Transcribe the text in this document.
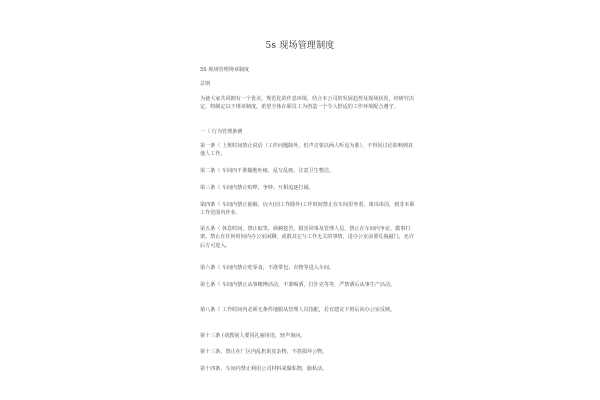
5s 现场管理制度
5S 现场管理规章制度
总则
为使大家共同拥有一个优美、规范化的作息环境，结合本公司的发展趋势及现场状况，经研究决定，特制定以下规章制度，希望全体在职员工为创造一个令人舒适的工作环境配合遵守。
一（ 行为管理条例
第一条（ 上班时间禁止说话（工作问题除外，但声音要以两人听见为准），不得因讨论影响到其他人工作。
第二条（ 车间内不准随地吐痰、乱写乱画、注意卫生整洁。
第三条（ 车间内禁止喧哗、争吵、互相追逐打闹。
第四条（ 车间内禁止抽烟、玩火(因工作除外)工作时间禁止在车间里坐着、离岗串岗，到非本职工作范围内作业。
第五条（ 休息时间，禁止取笑、讽刺挖苦，损害同事及管理人员，禁止在车间内争论，做事打架，禁止在任何时间内办公室闲聊，或散其它与工作无关的事情，进办公室前要礼貌敲门，允许后方可进入。
第六条（ 车间内禁止吃零食，不准带包、衣物等进入车间。
第七条（ 车间内禁止从事赌博活动，不准喝酒，打扑克等等，严禁酒后从事生产活动。
第八条（ 工作时间内必须无条件地服从管理人员指配，若有建议下班后向办公室反映。
第十三条 (请教别人要用礼貌用语，轻声询问。
第十三条、禁止在厂区内乱扔果皮杂物，不准损坏公物。
第十四条、车间内禁止利用公司材料来做私物，偷私活。
